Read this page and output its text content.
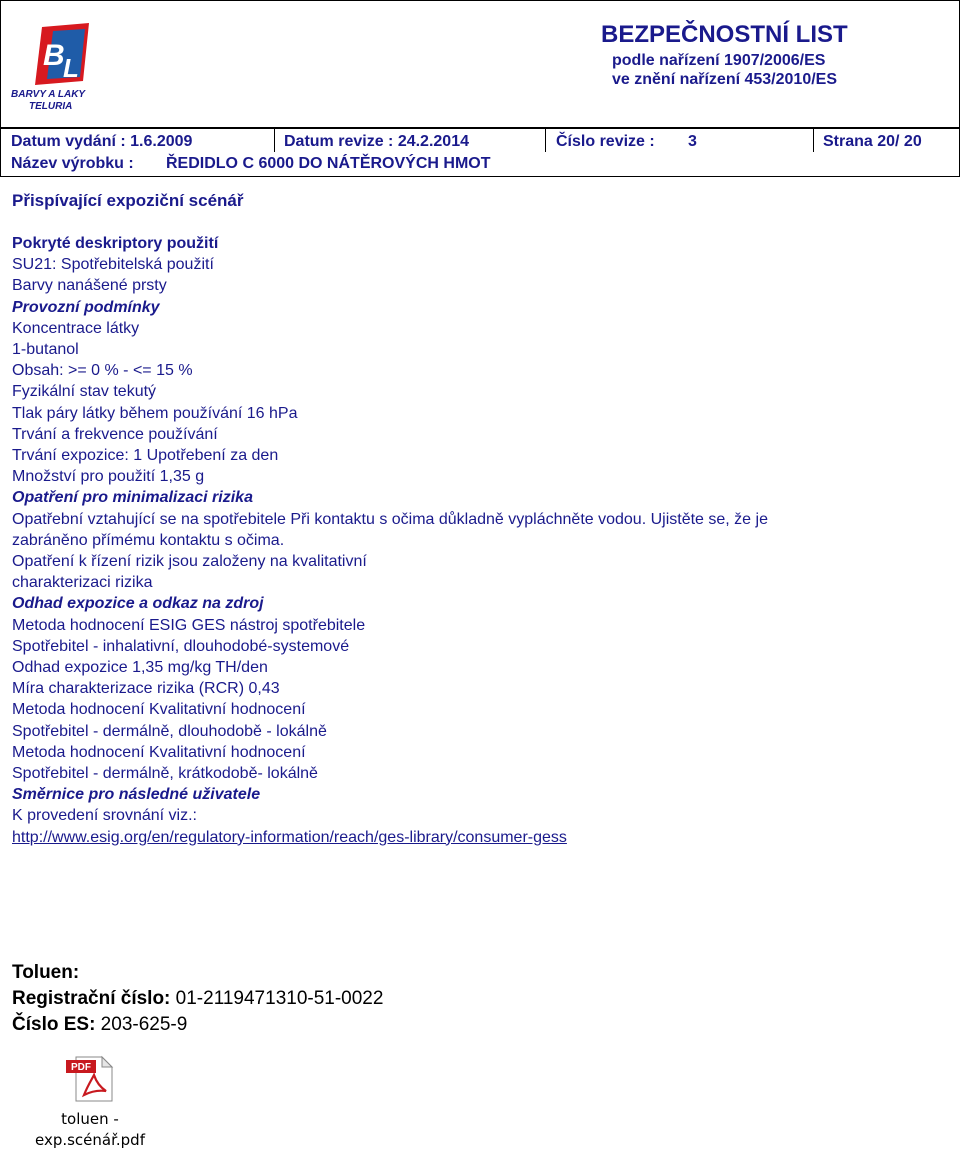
B
L
BARVY A LAKY
TELURIA
BEZPEČNOSTNÍ LIST
podle nařízení 1907/2006/ES
ve znění nařízení 453/2010/ES
Datum vydání : 1.6.2009	Datum revize : 24.2.2014	Číslo revize : 3	Strana 20/ 20
Název výrobku : ŘEDIDLO C 6000 DO NÁTĚROVÝCH HMOT
Přispívající expoziční scénář
Pokryté deskriptory použití
SU21: Spotřebitelská použití
Barvy nanášené prsty
Provozní podmínky
Koncentrace látky
1-butanol
Obsah: >= 0 % - <= 15 %
Fyzikální stav tekutý
Tlak páry látky během používání 16 hPa
Trvání a frekvence používání
Trvání expozice: 1 Upotřebení za den
Množství pro použití 1,35 g
Opatření pro minimalizaci rizika
Opatřební vztahující se na spotřebitele Při kontaktu s očima důkladně vypláchněte vodou. Ujistěte se, že je zabráněno přímému kontaktu s očima.
Opatření k řízení rizik jsou založeny na kvalitativní
charakterizaci rizika
Odhad expozice a odkaz na zdroj
Metoda hodnocení ESIG GES nástroj spotřebitele
Spotřebitel - inhalativní, dlouhodobé-systemové
Odhad expozice 1,35 mg/kg TH/den
Míra charakterizace rizika (RCR) 0,43
Metoda hodnocení Kvalitativní hodnocení
Spotřebitel - dermálně, dlouhodobě - lokálně
Metoda hodnocení Kvalitativní hodnocení
Spotřebitel - dermálně, krátkodobě- lokálně
Směrnice pro následné uživatele
K provedení srovnání viz.:
http://www.esig.org/en/regulatory-information/reach/ges-library/consumer-gess
Toluen:
Registrační číslo: 01-2119471310-51-0022
Číslo ES: 203-625-9
PDF
toluen -
exp.scénář.pdf
